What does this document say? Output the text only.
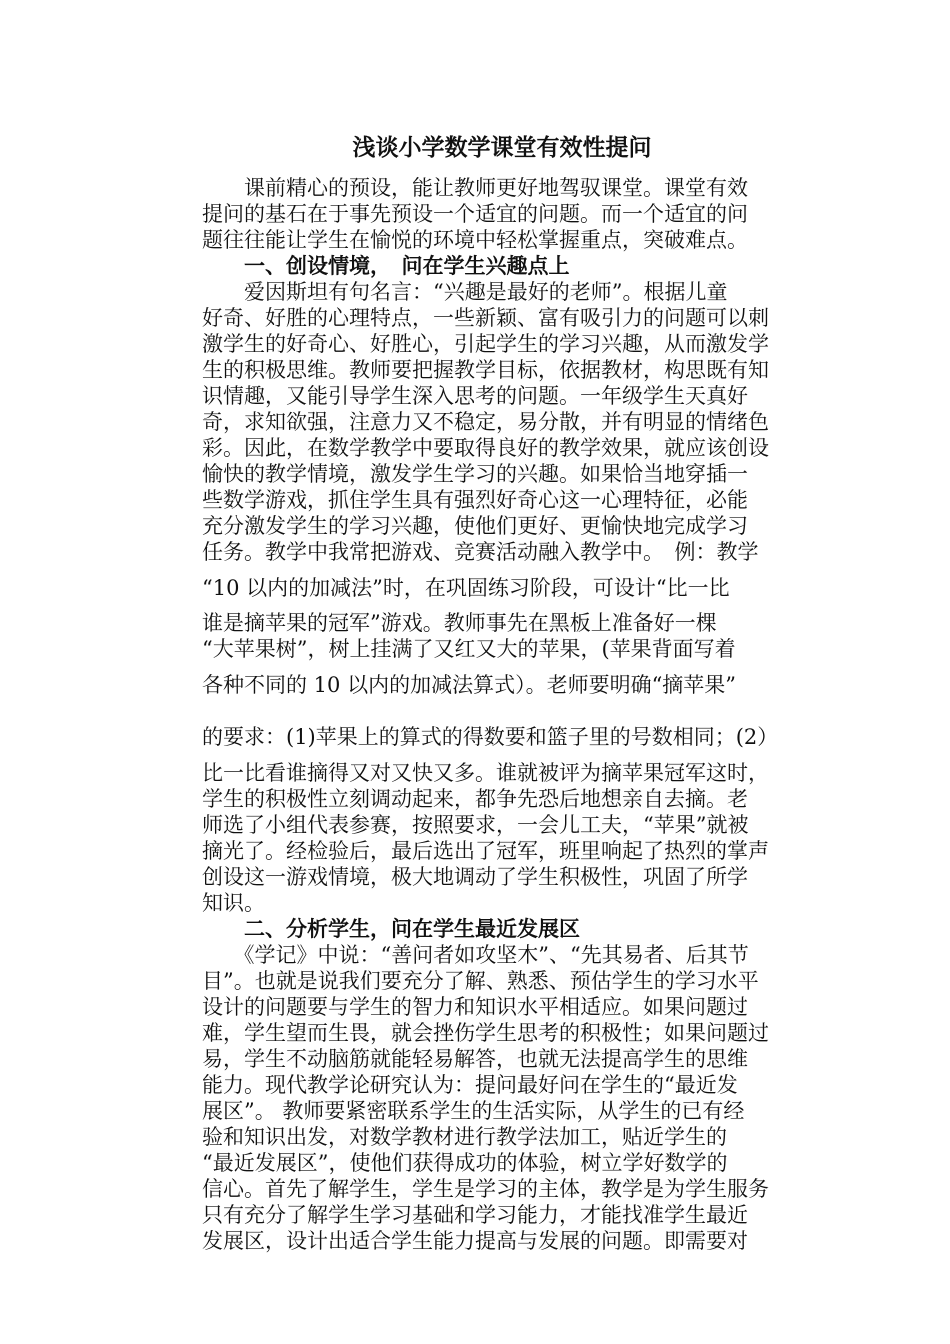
浅谈小学数学课堂有效性提问
　　课前精心的预设，能让教师更好地驾驭课堂。课堂有效
提问的基石在于事先预设一个适宜的问题。而一个适宜的问
题往往能让学生在愉悦的环境中轻松掌握重点，突破难点。
　　一、创设情境，　问在学生兴趣点上
　　爱因斯坦有句名言：“兴趣是最好的老师”。根据儿童
好奇、好胜的心理特点，一些新颖、富有吸引力的问题可以刺
激学生的好奇心、好胜心，引起学生的学习兴趣，从而激发学
生的积极思维。教师要把握教学目标，依据教材，构思既有知
识情趣，又能引导学生深入思考的问题。一年级学生天真好
奇，求知欲强，注意力又不稳定，易分散，并有明显的情绪色
彩。因此，在数学教学中要取得良好的教学效果，就应该创设
愉快的教学情境，激发学生学习的兴趣。如果恰当地穿插一
些数学游戏，抓住学生具有强烈好奇心这一心理特征，必能
充分激发学生的学习兴趣，使他们更好、更愉快地完成学习
任务。教学中我常把游戏、竞赛活动融入教学中。　例：教学
“10 以内的加减法”时，在巩固练习阶段，可设计“比一比
谁是摘苹果的冠军”游戏。教师事先在黑板上准备好一棵
“大苹果树”，树上挂满了又红又大的苹果，(苹果背面写着
各种不同的 10 以内的加减法算式）。老师要明确“摘苹果”
的要求：(1)苹果上的算式的得数要和篮子里的号数相同；(2）
比一比看谁摘得又对又快又多。谁就被评为摘苹果冠军这时，
学生的积极性立刻调动起来，都争先恐后地想亲自去摘。老
师选了小组代表参赛，按照要求，一会儿工夫，“苹果”就被
摘光了。经检验后，最后选出了冠军，班里响起了热烈的掌声
创设这一游戏情境，极大地调动了学生积极性，巩固了所学
知识。
　　二、分析学生，问在学生最近发展区
　　《学记》中说：“善问者如攻坚木”、“先其易者、后其节
目”。也就是说我们要充分了解、熟悉、预估学生的学习水平
设计的问题要与学生的智力和知识水平相适应。如果问题过
难，学生望而生畏，就会挫伤学生思考的积极性；如果问题过
易，学生不动脑筋就能轻易解答，也就无法提高学生的思维
能力。现代教学论研究认为：提问最好问在学生的“最近发
展区”。 教师要紧密联系学生的生活实际，从学生的已有经
验和知识出发，对数学教材进行教学法加工，贴近学生的
“最近发展区”，使他们获得成功的体验，树立学好数学的
信心。首先了解学生，学生是学习的主体，教学是为学生服务
只有充分了解学生学习基础和学习能力，才能找准学生最近
发展区，设计出适合学生能力提高与发展的问题。即需要对
